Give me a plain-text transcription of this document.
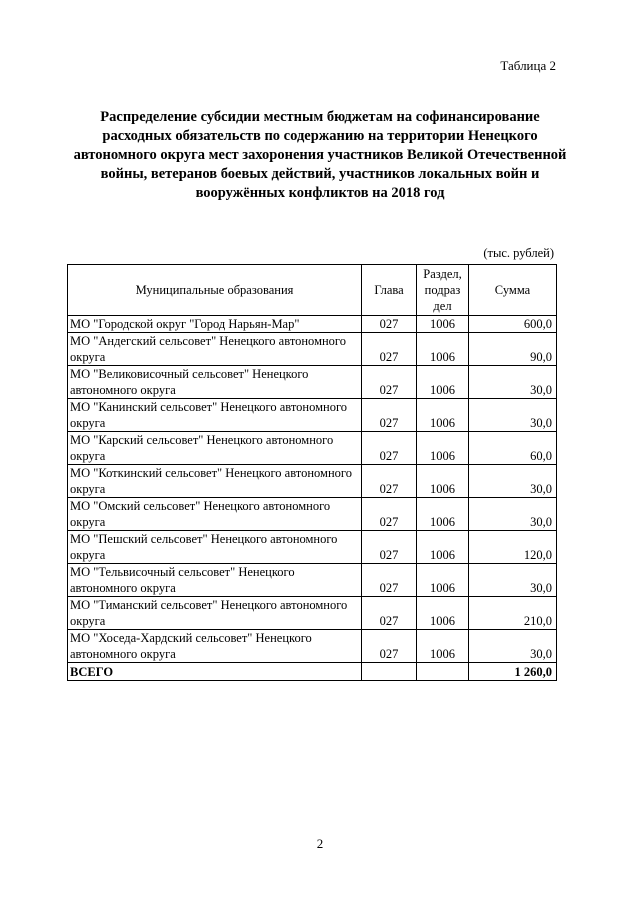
Таблица 2
Распределение субсидии местным бюджетам на софинансирование расходных обязательств по содержанию на территории Ненецкого автономного округа мест захоронения участников Великой Отечественной войны, ветеранов боевых действий, участников локальных войн и вооружённых конфликтов на 2018 год
(тыс. рублей)
Муниципальные образования	Глава	Раздел, подраз дел	Сумма
МО "Городской округ "Город Нарьян-Мар"	027	1006	600,0
МО "Андегский сельсовет" Ненецкого автономного округа	027	1006	90,0
МО "Великовисочный сельсовет" Ненецкого автономного округа	027	1006	30,0
МО "Канинский сельсовет" Ненецкого автономного округа	027	1006	30,0
МО "Карский сельсовет" Ненецкого автономного округа	027	1006	60,0
МО "Коткинский сельсовет" Ненецкого автономного округа	027	1006	30,0
МО "Омский сельсовет" Ненецкого автономного округа	027	1006	30,0
МО "Пешский сельсовет" Ненецкого автономного округа	027	1006	120,0
МО "Тельвисочный сельсовет" Ненецкого автономного округа	027	1006	30,0
МО "Тиманский сельсовет" Ненецкого автономного округа	027	1006	210,0
МО "Хоседа-Хардский сельсовет" Ненецкого автономного округа	027	1006	30,0
ВСЕГО			1 260,0
2
